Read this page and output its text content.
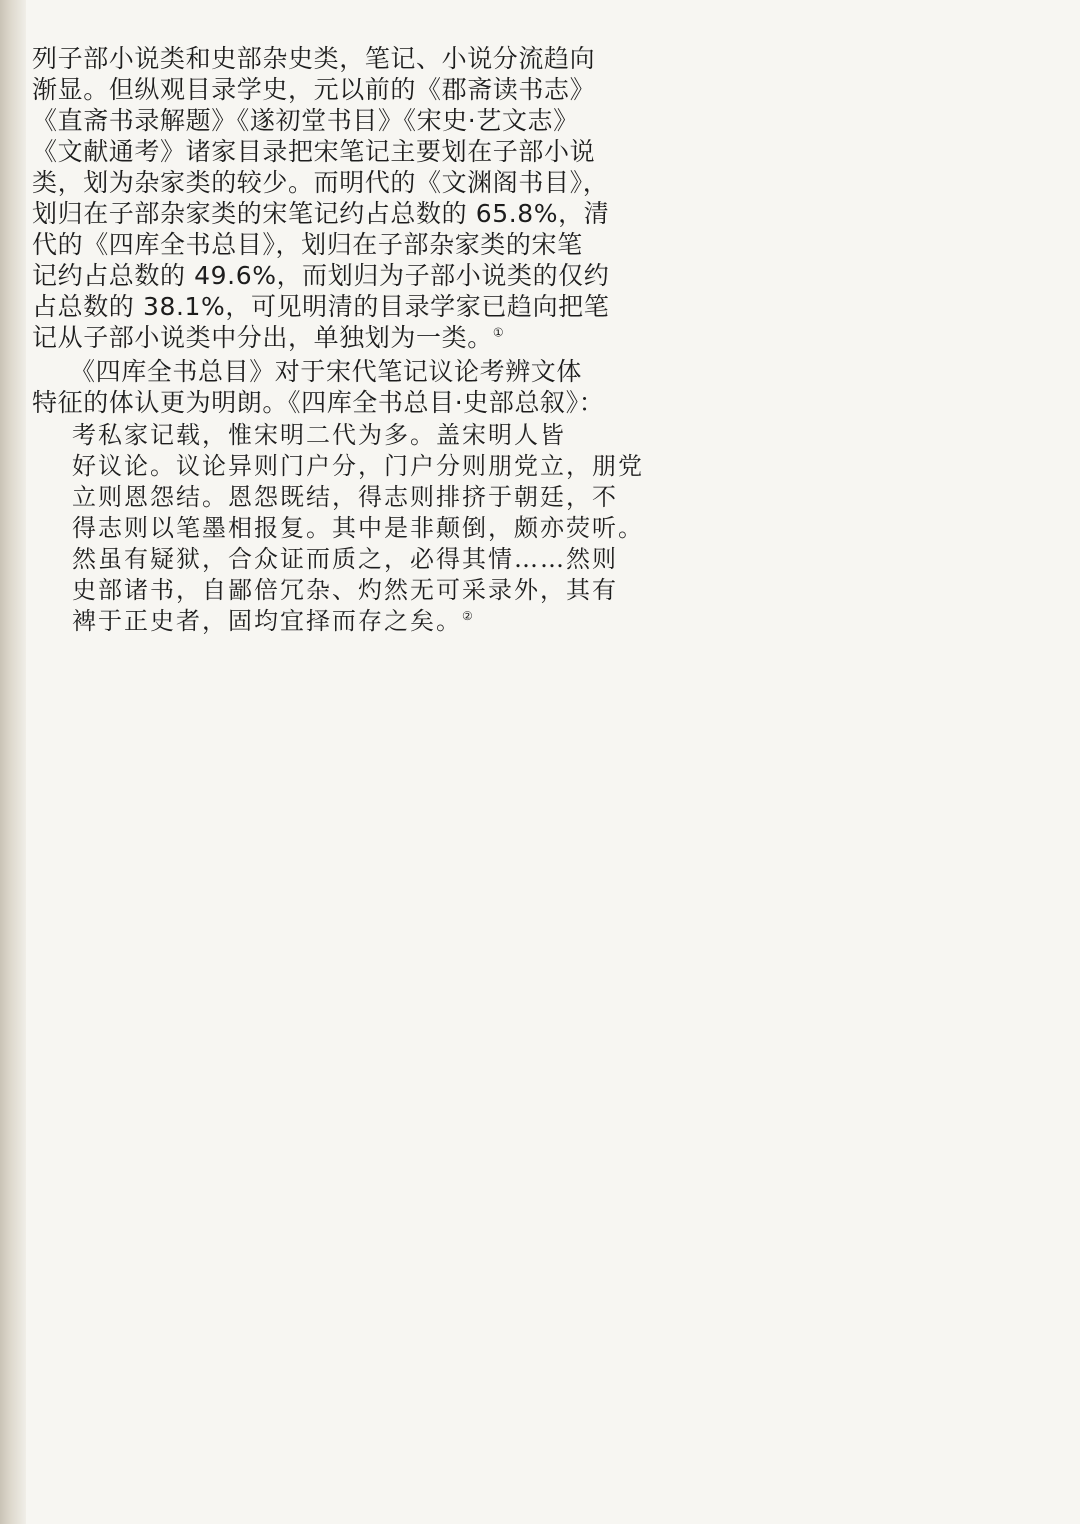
列子部小说类和史部杂史类，笔记、小说分流趋向
渐显。但纵观目录学史，元以前的《郡斋读书志》
《直斋书录解题》《遂初堂书目》《宋史·艺文志》
《文献通考》诸家目录把宋笔记主要划在子部小说
类，划为杂家类的较少。而明代的《文渊阁书目》，
划归在子部杂家类的宋笔记约占总数的 65.8%，清
代的《四库全书总目》，划归在子部杂家类的宋笔
记约占总数的 49.6%，而划归为子部小说类的仅约
占总数的 38.1%，可见明清的目录学家已趋向把笔
记从子部小说类中分出，单独划为一类。①
《四库全书总目》对于宋代笔记议论考辨文体
特征的体认更为明朗。《四库全书总目·史部总叙》：
考私家记载，惟宋明二代为多。盖宋明人皆
好议论。议论异则门户分，门户分则朋党立，朋党
立则恩怨结。恩怨既结，得志则排挤于朝廷，不
得志则以笔墨相报复。其中是非颠倒，颇亦荧听。
然虽有疑狱，合众证而质之，必得其情……然则
史部诸书，自鄙倍冗杂、灼然无可采录外，其有
裨于正史者，固均宜择而存之矣。②
